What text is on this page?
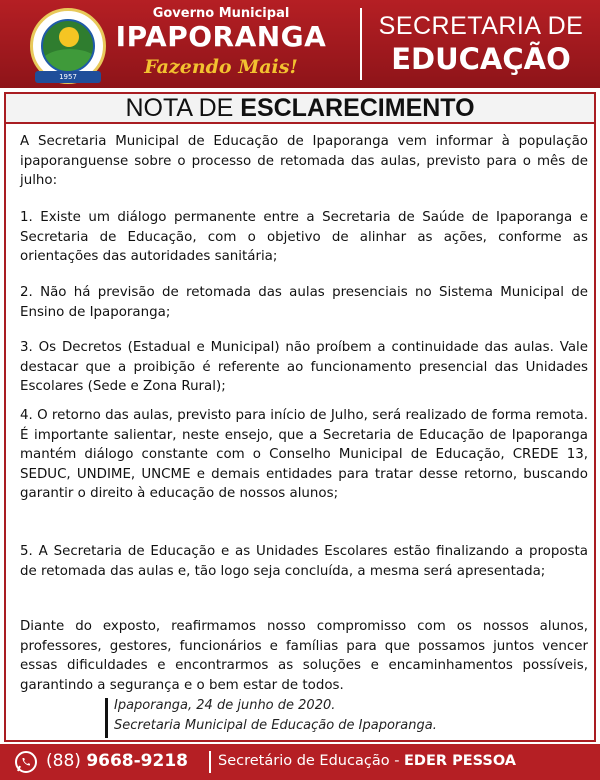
1957
Governo Municipal
IPAPORANGA
Fazendo Mais!
SECRETARIA DE
EDUCAÇÃO
NOTA DE ESCLARECIMENTO
A Secretaria Municipal de Educação de Ipaporanga vem informar à população ipaporanguense sobre o processo de retomada das aulas, previsto para o mês de julho:
1. Existe um diálogo permanente entre a Secretaria de Saúde de Ipaporanga e Secretaria de Educação, com o objetivo de alinhar as ações, conforme as orientações das autoridades sanitária;
2. Não há previsão de retomada das aulas presenciais no Sistema Municipal de Ensino de Ipaporanga;
3. Os Decretos (Estadual e Municipal) não proíbem a continuidade das aulas. Vale destacar que a proibição é referente ao funcionamento presencial das Unidades Escolares (Sede e Zona Rural);
4. O retorno das aulas, previsto para início de Julho, será realizado de forma remota. É importante salientar, neste ensejo, que a Secretaria de Educação de Ipaporanga mantém diálogo constante com o Conselho Municipal de Educação, CREDE 13, SEDUC, UNDIME, UNCME e demais entidades para tratar desse retorno, buscando garantir o direito à educação de nossos alunos;
5. A Secretaria de Educação e as Unidades Escolares estão finalizando a proposta de retomada das aulas e, tão logo seja concluída, a mesma será apresentada;
Diante do exposto, reafirmamos nosso compromisso com os nossos alunos, professores, gestores, funcionários e famílias para que possamos juntos vencer essas dificuldades e encontrarmos as soluções e encaminhamentos possíveis, garantindo a segurança e o bem estar de todos.
Ipaporanga, 24 de junho de 2020.
Secretaria Municipal de Educação de Ipaporanga.
(88) 9668-9218 Secretário de Educação - EDER PESSOA
